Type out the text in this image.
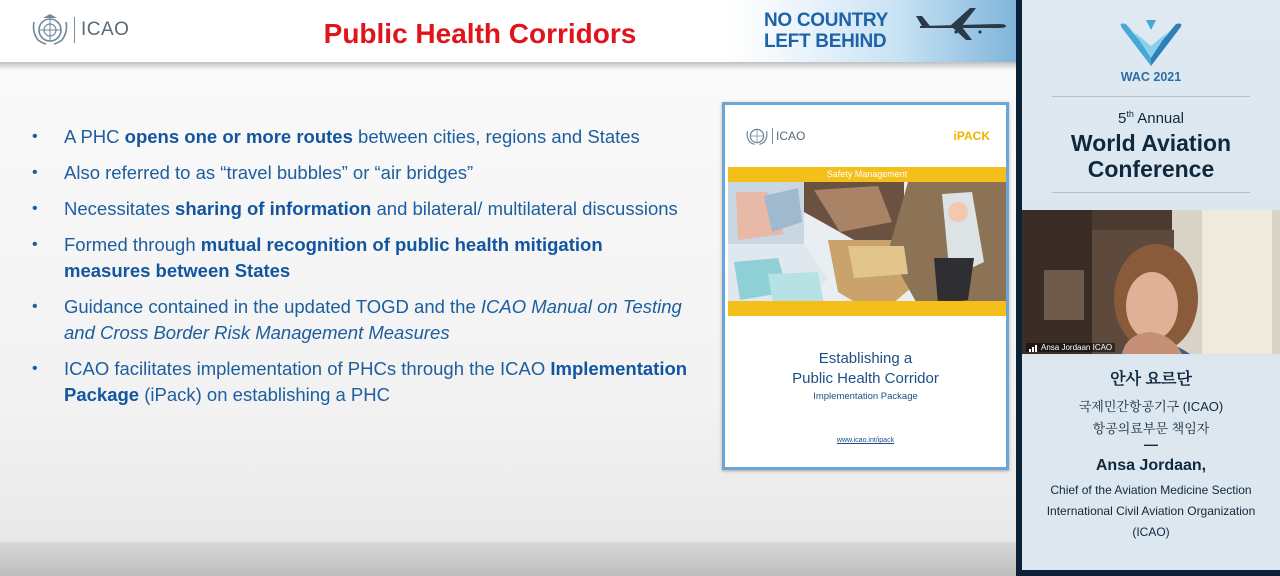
ICAO	Public Health Corridors	NO COUNTRY
LEFT BEHIND
•	A PHC opens one or more routes between cities, regions and States
•	Also referred to as “travel bubbles” or “air bridges”
•	Necessitates sharing of information and bilateral/ multilateral discussions
•	Formed through mutual recognition of public health mitigation measures between States
•	Guidance contained in the updated TOGD and the ICAO Manual on Testing and Cross Border Risk Management Measures
•	ICAO facilitates implementation of PHCs through the ICAO Implementation Package (iPack) on establishing a PHC
ICAO	iPACK
Safety Management
Establishing a
Public Health Corridor
Implementation Package
www.icao.int/ipack
WAC 2021
5th Annual
World Aviation
Conference
Ansa Jordaan ICAO
안사 요르단
국제민간항공기구 (ICAO)
항공의료부문 책임자
—
Ansa Jordaan,
Chief of the Aviation Medicine Section
International Civil Aviation Organization
(ICAO)
